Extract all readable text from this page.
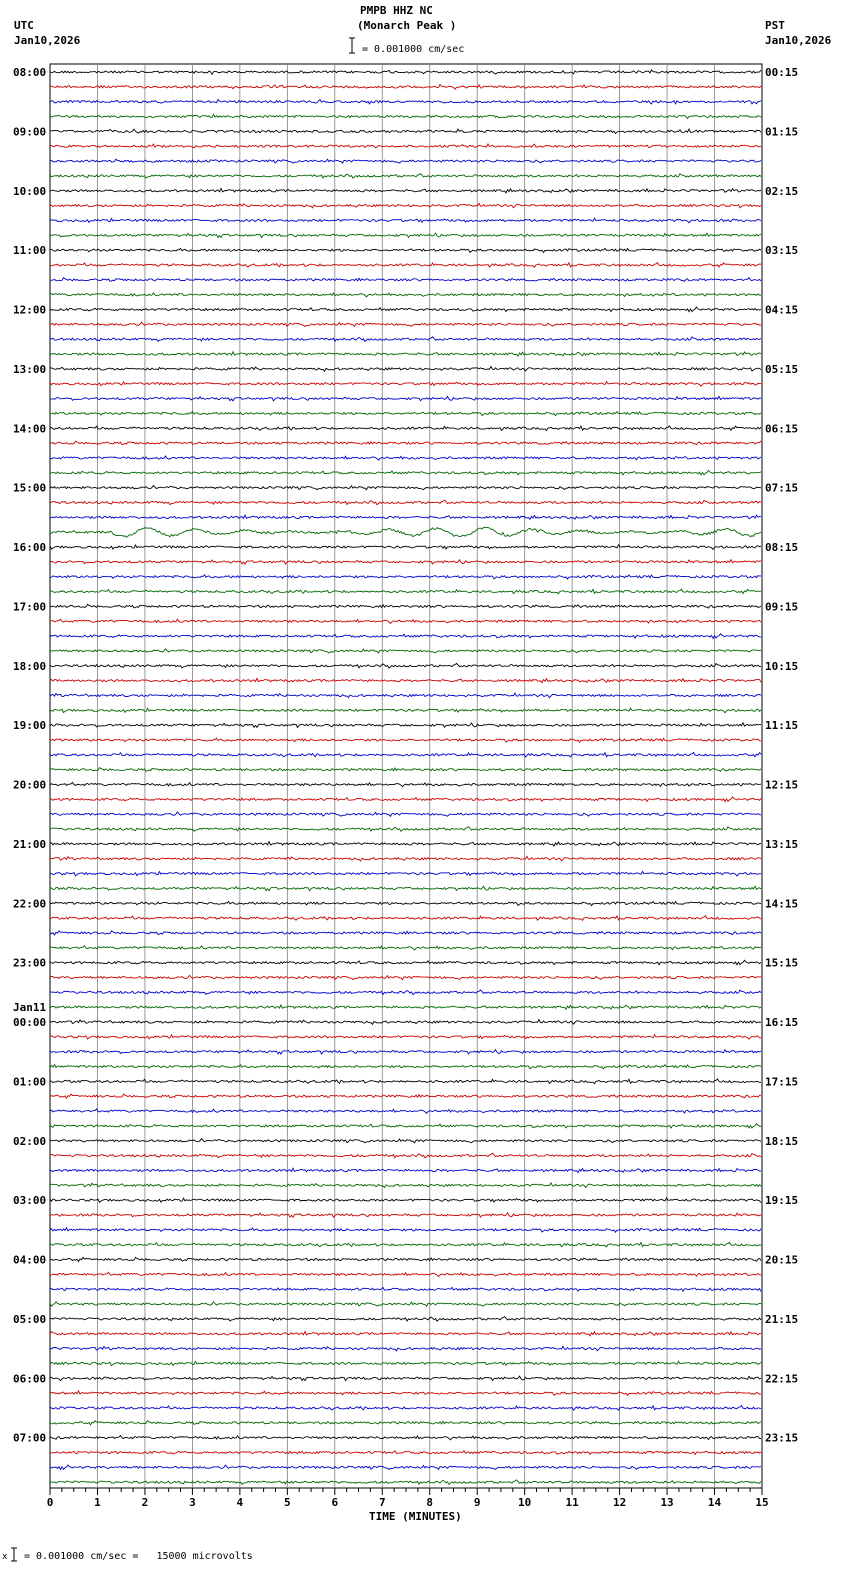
PMPB HHZ NC
(Monarch Peak )
= 0.001000 cm/sec
UTC
Jan10,2026
PST
Jan10,2026
08:00	00:15
09:00	01:15
10:00	02:15
11:00	03:15
12:00	04:15
13:00	05:15
14:00	06:15
15:00	07:15
16:00	08:15
17:00	09:15
18:00	10:15
19:00	11:15
20:00	12:15
21:00	13:15
22:00	14:15
23:00	15:15
00:00	16:15
Jan11
01:00	17:15
02:00	18:15
03:00	19:15
04:00	20:15
05:00	21:15
06:00	22:15
07:00	23:15
0	1	2	3	4	5	6	7	8	9	10	11	12	13	14	15
TIME (MINUTES)
x = 0.001000 cm/sec =   15000 microvolts
